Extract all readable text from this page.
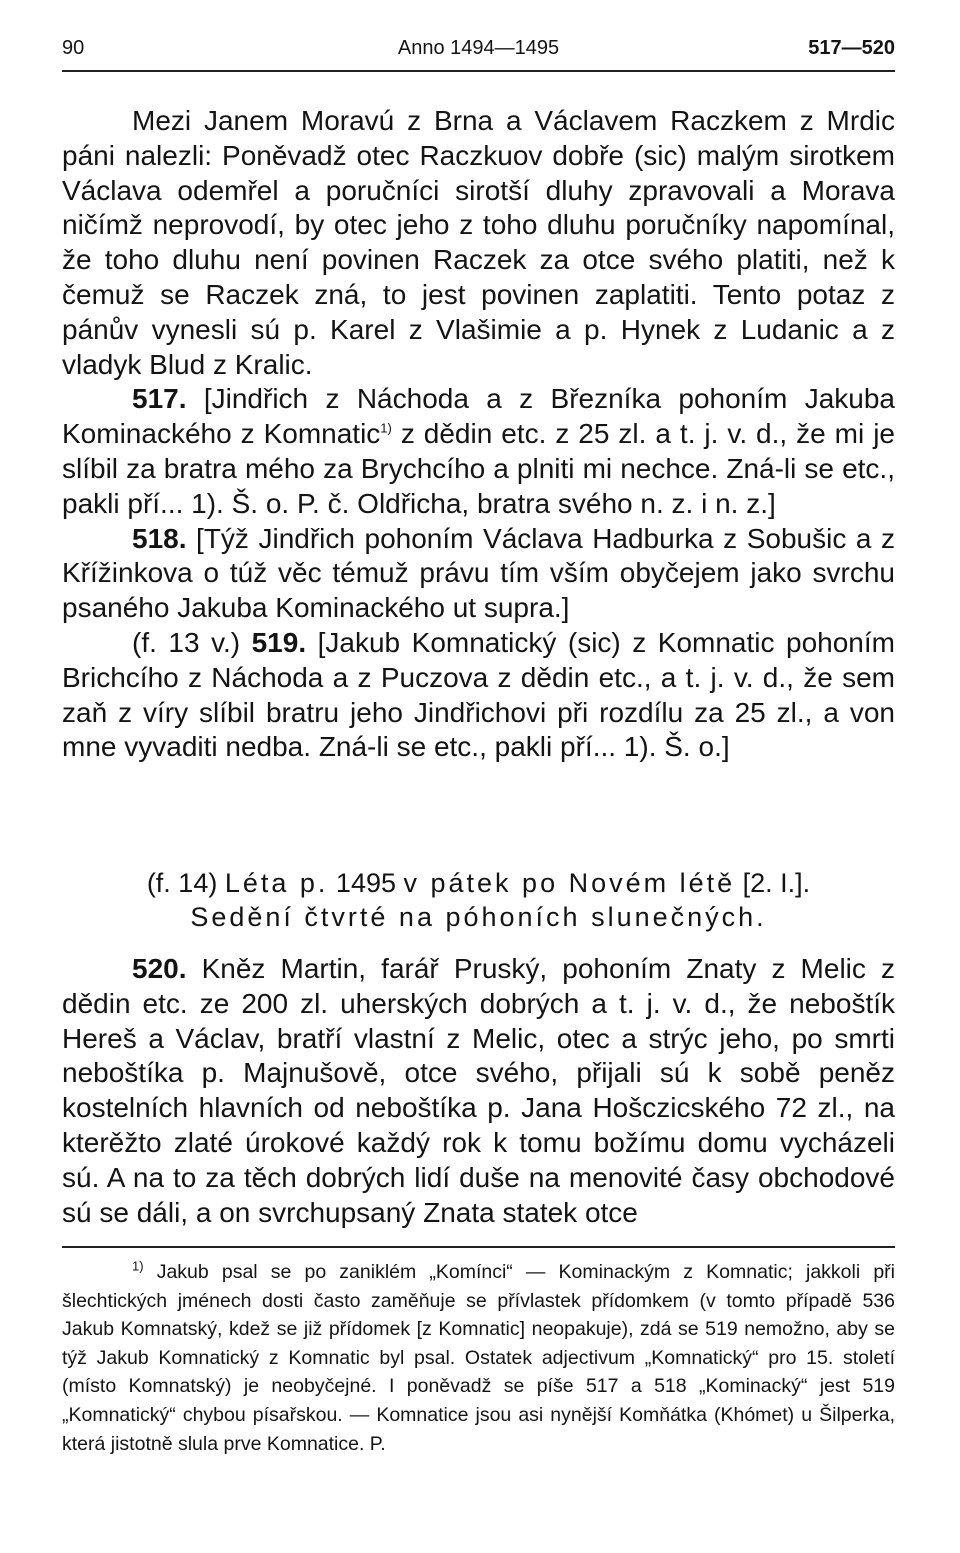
90	Anno 1494—1495	517—520

Mezi Janem Moravú z Brna a Václavem Raczkem z Mrdic páni nalezli: Poněvadž otec Raczkuov dobře (sic) malým sirotkem Václava odemřel a poručníci sirotší dluhy zpravovali a Morava ničímž neprovodí, by otec jeho z toho dluhu poručníky napomínal, že toho dluhu není povinen Raczek za otce svého platiti, než k čemuž se Raczek zná, to jest povinen zaplatiti. Tento potaz z pánův vynesli sú p. Karel z Vlašimie a p. Hynek z Ludanic a z vladyk Blud z Kralic.

517. [Jindřich z Náchoda a z Březníka pohoním Jakuba Kominackého z Komnatic$^{1)}$ z dědin etc. z 25 zl. a t. j. v. d., že mi je slíbil za bratra mého za Brychcího a plniti mi nechce. Zná-li se etc., pakli pří... 1). Š. o. P. č. Oldřicha, bratra svého n. z. i n. z.]

518. [Týž Jindřich pohoním Václava Hadburka z Sobušic a z Křížinkova o túž věc témuž právu tím vším obyčejem jako svrchu psaného Jakuba Kominackého ut supra.]

(f. 13 v.) 519. [Jakub Komnatický (sic) z Komnatic pohoním Brichcího z Náchoda a z Puczova z dědin etc., a t. j. v. d., že sem zaň z víry slíbil bratru jeho Jindřichovi při rozdílu za 25 zl., a von mne vyvaditi nedba. Zná-li se etc., pakli pří... 1). Š. o.]

(f. 14) Léta p. 1495 v pátek po Novém létě [2. I.].
Sedění čtvrté na póhoních slunečných.

520. Kněz Martin, farář Pruský, pohoním Znaty z Melic z dědin etc. ze 200 zl. uherských dobrých a t. j. v. d., že neboštík Hereš a Václav, bratří vlastní z Melic, otec a strýc jeho, po smrti neboštíka p. Majnušově, otce svého, přijali sú k sobě peněz kostelních hlavních od neboštíka p. Jana Hošczicského 72 zl., na kterěžto zlaté úrokové každý rok k tomu božímu domu vycházeli sú. A na to za těch dobrých lidí duše na menovité časy obchodové sú se dáli, a on svrchupsaný Znata statek otce

$^{1)}$ Jakub psal se po zaniklém „Komínci“ — Kominackým z Komnatic; jakkoli při šlechtických jménech dosti často zaměňuje se přívlastek přídomkem (v tomto případě 536 Jakub Komnatský, kdež se již přídomek [z Komnatic] neopakuje), zdá se 519 nemožno, aby se týž Jakub Komnatický z Komnatic byl psal. Ostatek adjectivum „Komnatický“ pro 15. století (místo Komnatský) je neobyčejné. I poněvadž se píše 517 a 518 „Kominacký“ jest 519 „Komnatický“ chybou písařskou. — Komnatice jsou asi nynější Komňátka (Khómet) u Šilperka, která jistotně slula prve Komnatice. P.
